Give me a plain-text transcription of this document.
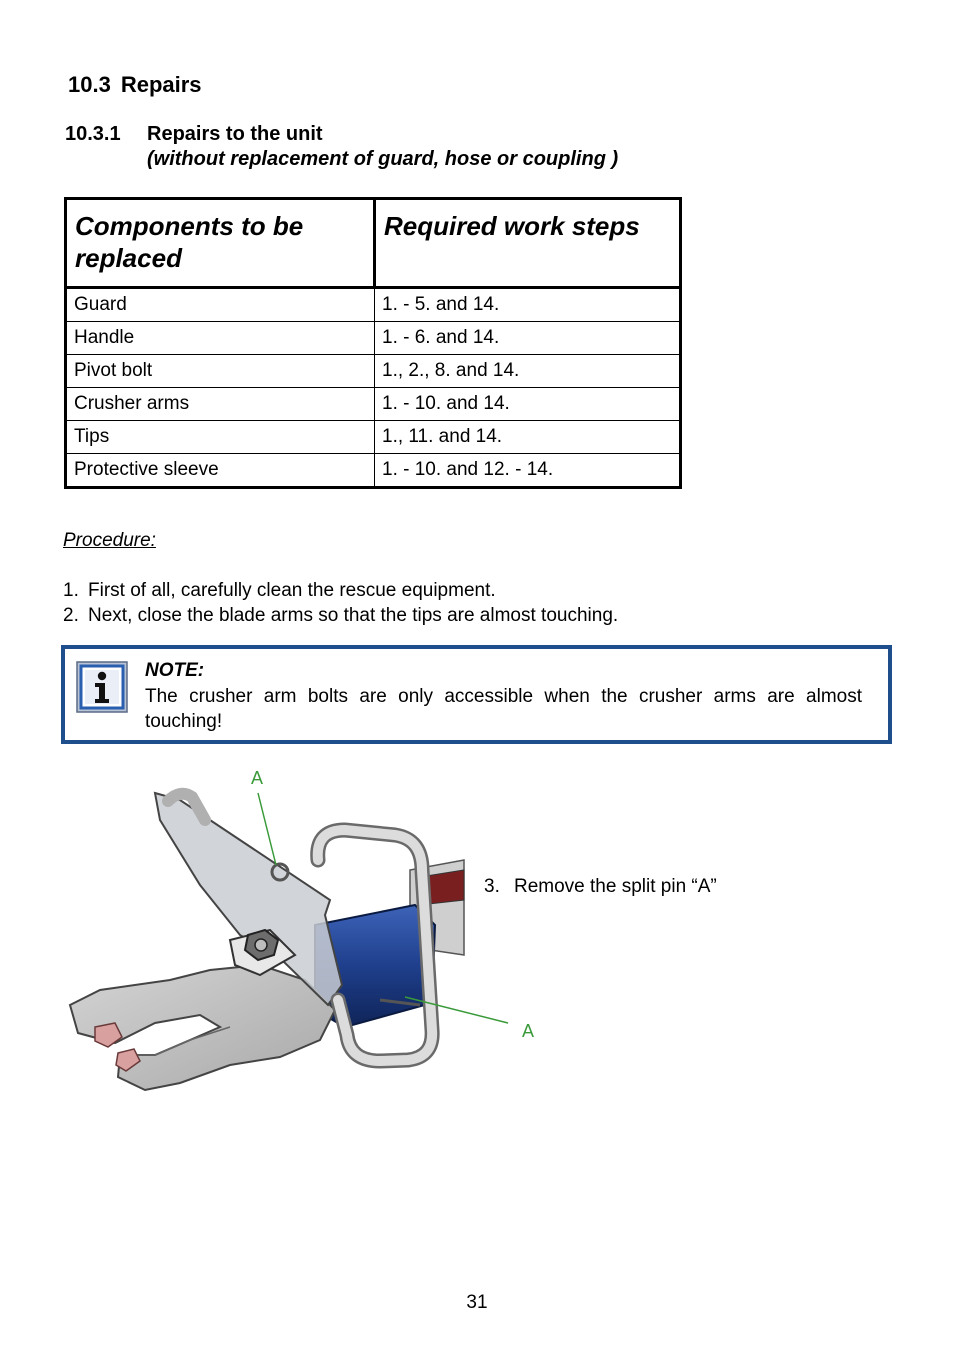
10.3 Repairs
10.3.1 Repairs to the unit
(without replacement of guard, hose or coupling )
Components to be replaced	Required work steps
Guard	1. - 5. and 14.
Handle	1. - 6. and 14.
Pivot bolt	1., 2., 8. and 14.
Crusher arms	1. - 10. and 14.
Tips	1., 11. and 14.
Protective sleeve	1. - 10. and 12. - 14.
Procedure:
1. First of all, carefully clean the rescue equipment.
2. Next, close the blade arms so that the tips are almost touching.
NOTE:
The crusher arm bolts are only accessible when the crusher arms are almost touching!
A
A
3. Remove the split pin “A”
31
